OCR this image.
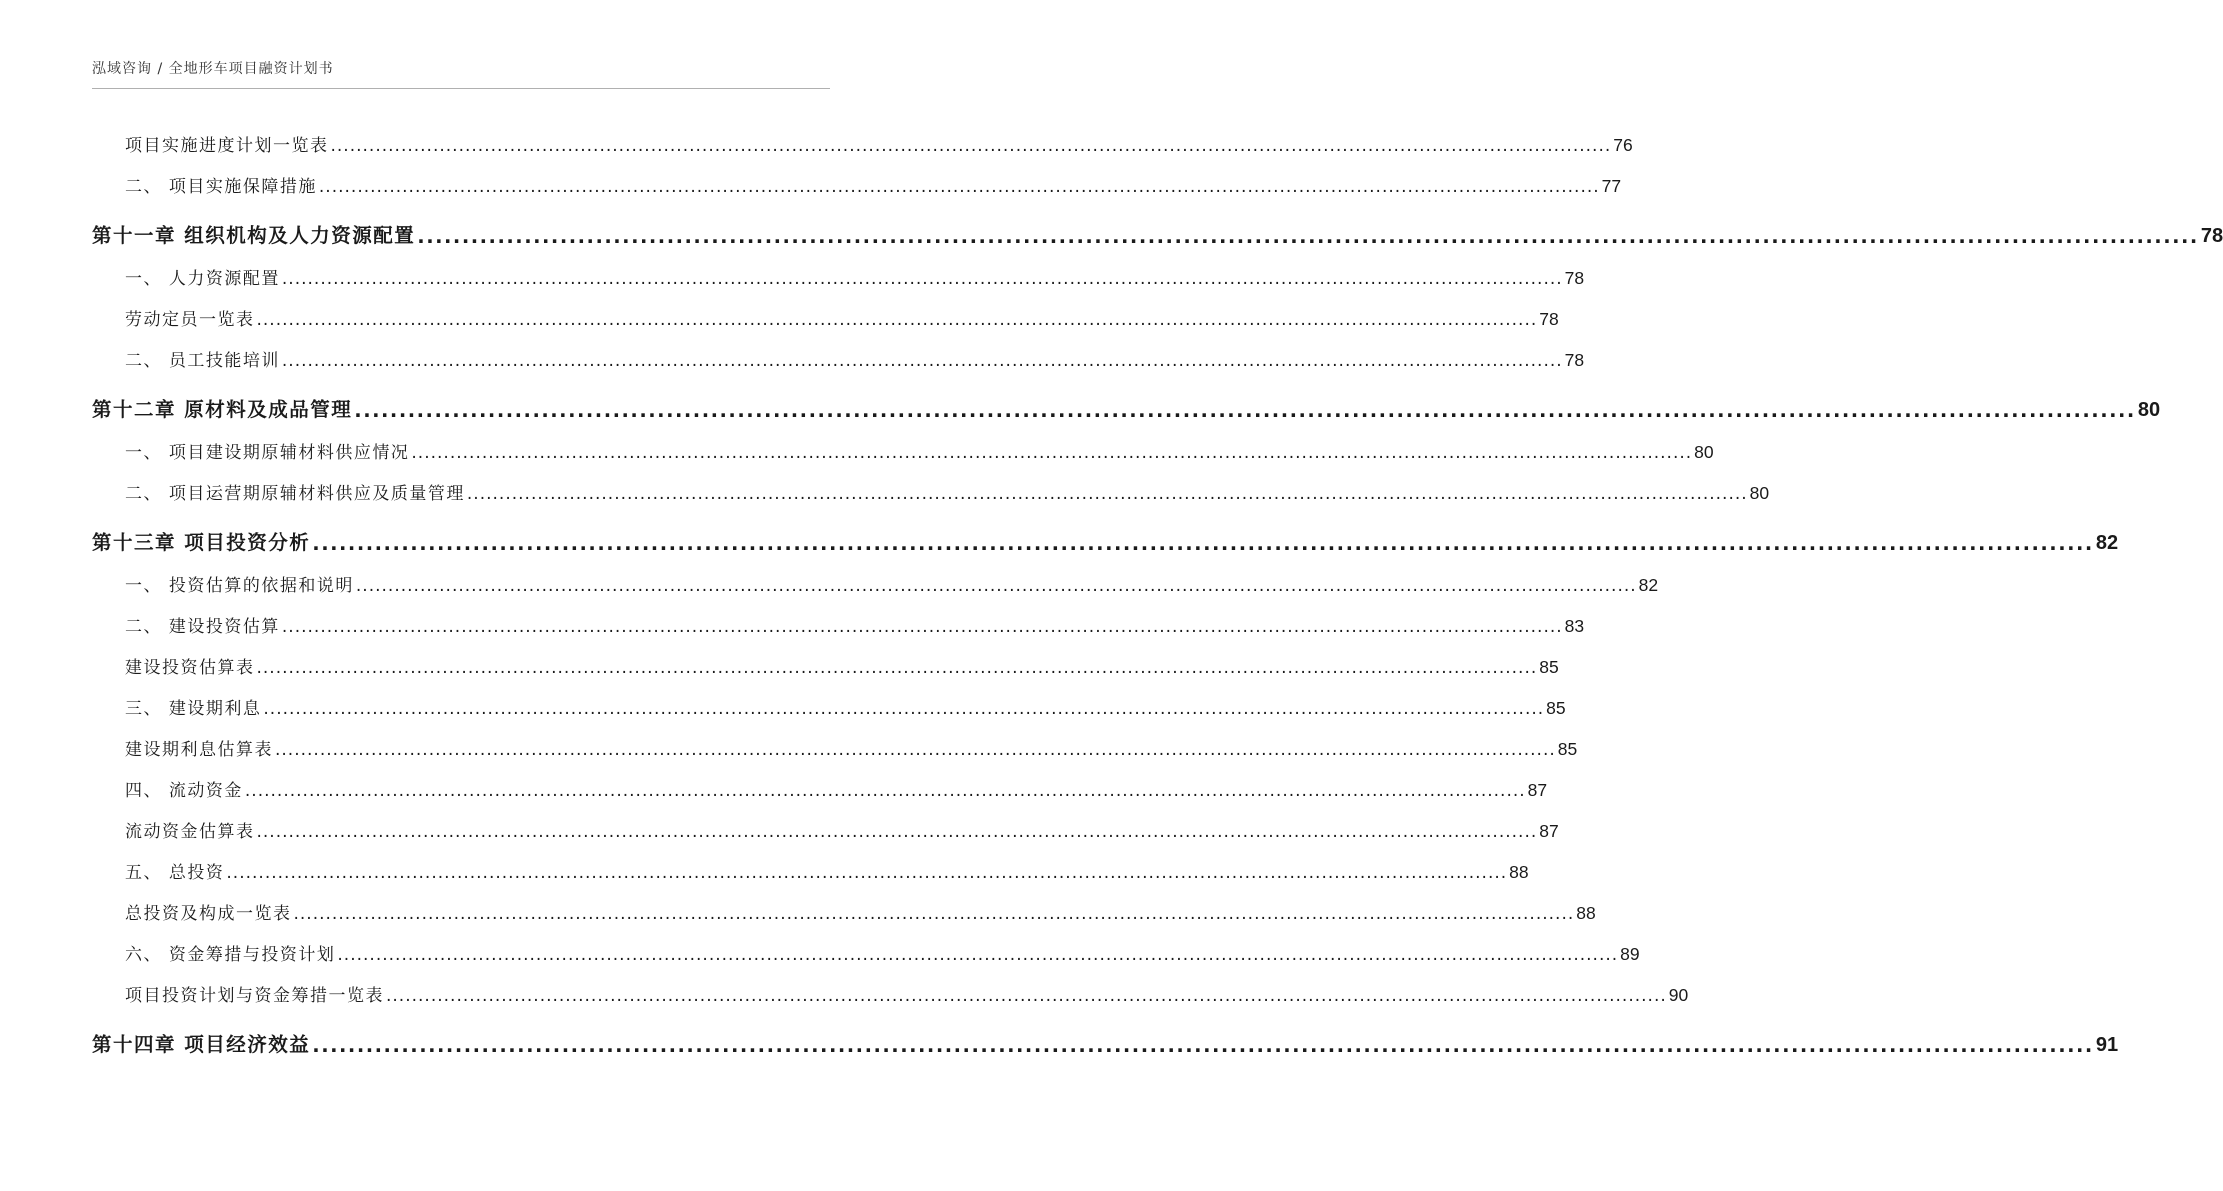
泓域咨询 / 全地形车项目融资计划书
项目实施进度计划一览表 ........................................................................................................................................................................................................ 76
二、 项目实施保障措施 ........................................................................................................................................................................................................ 77
第十一章 组织机构及人力资源配置 ........................................................................................................................................................................................................ 78
一、 人力资源配置 ........................................................................................................................................................................................................ 78
劳动定员一览表 ........................................................................................................................................................................................................ 78
二、 员工技能培训 ........................................................................................................................................................................................................ 78
第十二章 原材料及成品管理 ........................................................................................................................................................................................................ 80
一、 项目建设期原辅材料供应情况 ........................................................................................................................................................................................................ 80
二、 项目运营期原辅材料供应及质量管理 ........................................................................................................................................................................................................ 80
第十三章 项目投资分析 ........................................................................................................................................................................................................ 82
一、 投资估算的依据和说明 ........................................................................................................................................................................................................ 82
二、 建设投资估算 ........................................................................................................................................................................................................ 83
建设投资估算表 ........................................................................................................................................................................................................ 85
三、 建设期利息 ........................................................................................................................................................................................................ 85
建设期利息估算表 ........................................................................................................................................................................................................ 85
四、 流动资金 ........................................................................................................................................................................................................ 87
流动资金估算表 ........................................................................................................................................................................................................ 87
五、 总投资 ........................................................................................................................................................................................................ 88
总投资及构成一览表 ........................................................................................................................................................................................................ 88
六、 资金筹措与投资计划 ........................................................................................................................................................................................................ 89
项目投资计划与资金筹措一览表 ........................................................................................................................................................................................................ 90
第十四章 项目经济效益 ........................................................................................................................................................................................................ 91
